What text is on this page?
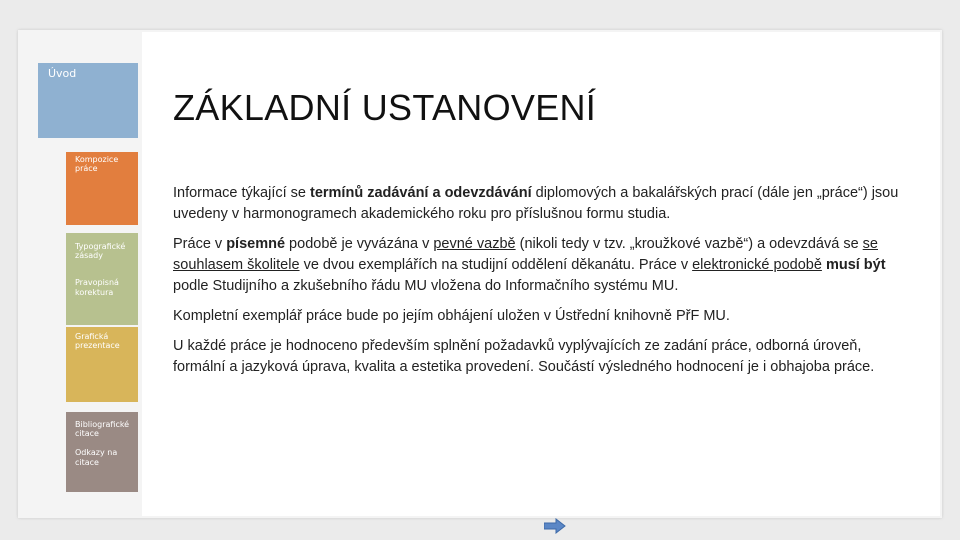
Úvod
Kompozice práce
Typografické zásady
Pravopisná korektura
Grafická prezentace
Bibliografické citace
Odkazy na citace
ZÁKLADNÍ USTANOVENÍ

Informace týkající se termínů zadávání a odevzdávání diplomových a bakalářských prací (dále jen „práce“) jsou uvedeny v harmonogramech akademického roku pro příslušnou formu studia.

Práce v písemné podobě je vyvázána v pevné vazbě (nikoli tedy v tzv. „kroužkové vazbě“) a odevzdává se se souhlasem školitele ve dvou exemplářích na studijní oddělení děkanátu. Práce v elektronické podobě musí být podle Studijního a zkušebního řádu MU vložena do Informačního systému MU.

Kompletní exemplář práce bude po jejím obhájení uložen v Ústřední knihovně PřF MU.

U každé práce je hodnoceno především splnění požadavků vyplývajících ze zadání práce, odborná úroveň, formální a jazyková úprava, kvalita a estetika provedení. Součástí výsledného hodnocení je i obhajoba práce.
